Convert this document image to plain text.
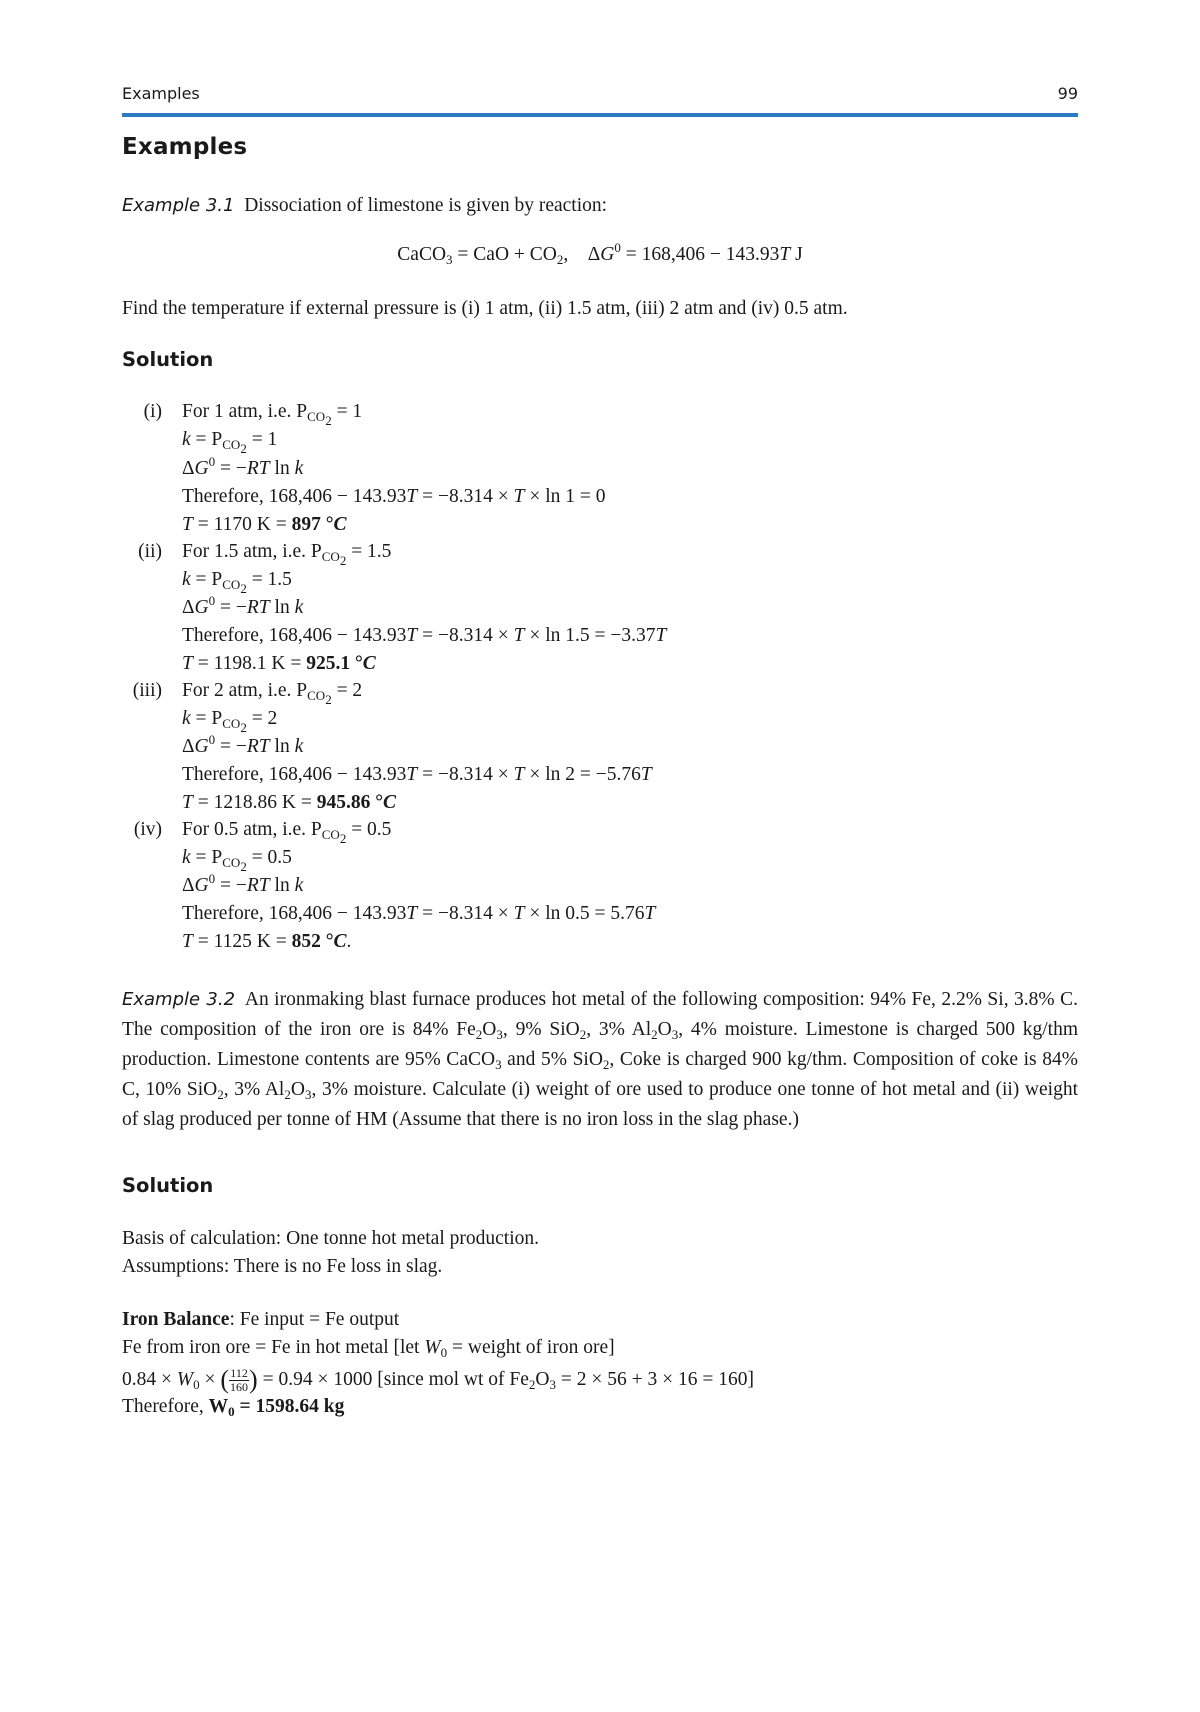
Examples	99
Examples
Example 3.1 Dissociation of limestone is given by reaction:
CaCO$_3$ = CaO + $CO_2$,    $\Delta G^0 = 168,406 - 143.93T$ J
Find the temperature if external pressure is (i) 1 atm, (ii) 1.5 atm, (iii) 2 atm and (iv) 0.5 atm.
Solution
(i) For 1 atm, i.e. $P_{CO_2} = 1$
$k = P_{CO_2} = 1$
$\Delta G^0 = -RT$ ln k
Therefore, 168,406 − 143.93T = −8.314 × T × ln 1 = 0
T = 1170 K = 897 °C
(ii) For 1.5 atm, i.e. $P_{CO_2} = 1.5$
$k = P_{CO_2} = 1.5$
$\Delta G^0 = -RT$ ln k
Therefore, 168,406 − 143.93T = −8.314 × T × ln 1.5 = −3.37T
T = 1198.1 K = 925.1 °C
(iii) For 2 atm, i.e. $P_{CO_2} = 2$
$k = P_{CO_2} = 2$
$\Delta G^0 = -RT$ ln k
Therefore, 168,406 − 143.93T = −8.314 × T × ln 2 = −5.76T
T = 1218.86 K = 945.86 °C
(iv) For 0.5 atm, i.e. $P_{CO_2} = 0.5$
$k = P_{CO_2} = 0.5$
$\Delta G^0 = -RT$ ln k
Therefore, 168,406 − 143.93T = −8.314 × T × ln 0.5 = 5.76T
T = 1125 K = 852 °C.
Example 3.2  An ironmaking blast furnace produces hot metal of the following composition: 94% Fe, 2.2% Si, 3.8% C. The composition of the iron ore is 84% $Fe_2O_3$, 9% SiO$_2$, 3% $Al_2O_3$, 4% moisture. Limestone is charged 500 kg/thm production. Limestone contents are 95% CaCO$_3$ and 5% SiO$_2$, Coke is charged 900 kg/thm. Composition of coke is 84% C, 10% SiO$_2$, 3% $Al_2O_3$, 3% moisture. Calculate (i) weight of ore used to produce one tonne of hot metal and (ii) weight of slag produced per tonne of HM (Assume that there is no iron loss in the slag phase.)
Solution
Basis of calculation: One tonne hot metal production.
Assumptions: There is no Fe loss in slag.
Iron Balance: Fe input = Fe output
Fe from iron ore = Fe in hot metal [let $W_0$ = weight of iron ore]
$0.84 \times W_0$ × ( $\frac{112}{160}$ ) = 0.94 × 1000 [since mol wt of $Fe_2O_3 = 2 \times 56 + 3 \times 16 = 160$]
Therefore, $W_0 = 1598.64$ kg
